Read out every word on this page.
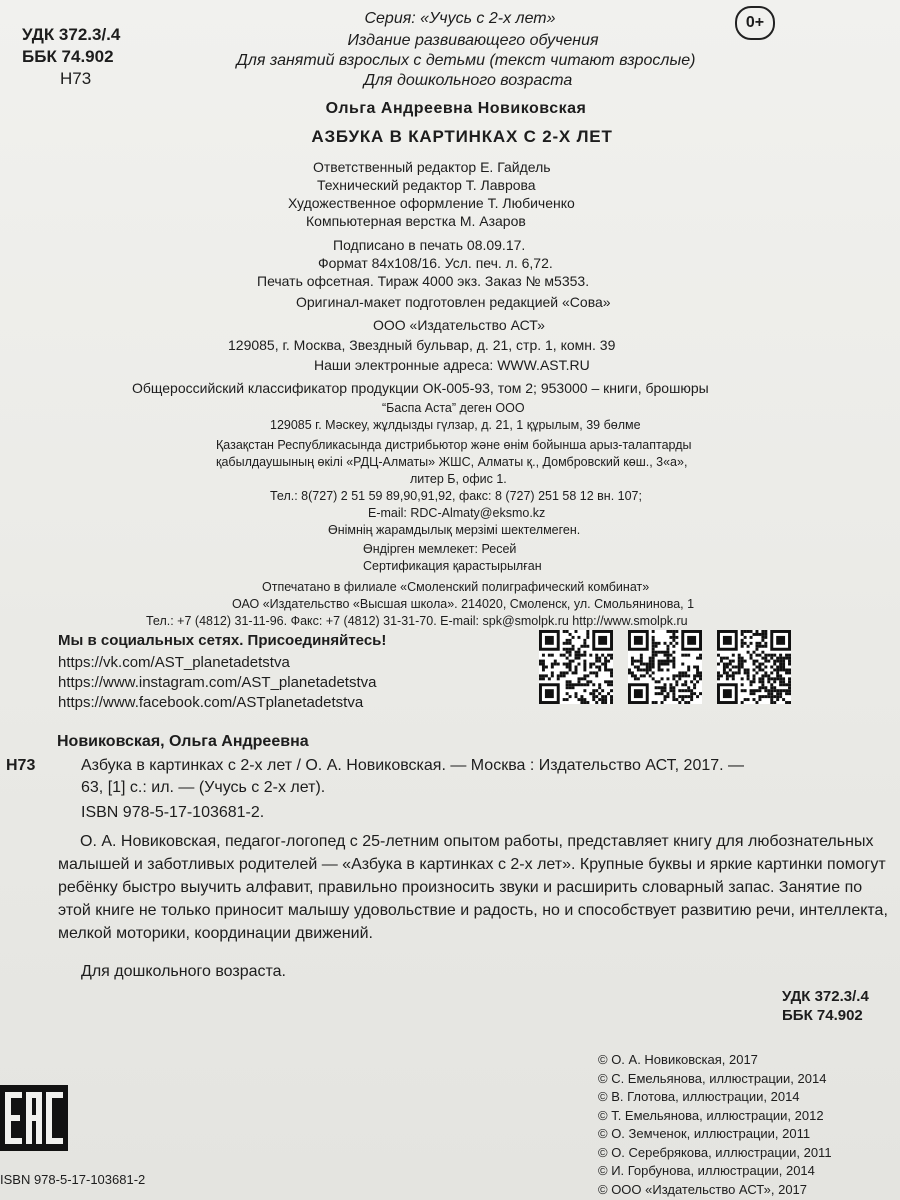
УДК 372.3/.4
ББК 74.902
Н73
Серия: «Учусь с 2-х лет»
Издание развивающего обучения
Для занятий взрослых с детьми (текст читают взрослые)
Для дошкольного возраста
0+
Ольга Андреевна Новиковская
АЗБУКА В КАРТИНКАХ С 2-Х ЛЕТ
Ответственный редактор Е. Гайдель
Технический редактор Т. Лаврова
Художественное оформление Т. Любиченко
Компьютерная верстка М. Азаров
Подписано в печать 08.09.17.
Формат 84x108/16. Усл. печ. л. 6,72.
Печать офсетная. Тираж 4000 экз. Заказ № м5353.
Оригинал-макет подготовлен редакцией «Сова»
ООО «Издательство АСТ»
129085, г. Москва, Звездный бульвар, д. 21, стр. 1, комн. 39
Наши электронные адреса: WWW.AST.RU
Общероссийский классификатор продукции ОК-005-93, том 2; 953000 – книги, брошюры
“Баспа Аста” деген ООО
129085 г. Мәскеу, жұлдызды гүлзар, д. 21, 1 құрылым, 39 бөлме
Қазақстан Республикасында дистрибьютор және өнім бойынша арыз-талаптарды
қабылдаушының өкілі «РДЦ-Алматы» ЖШС, Алматы қ., Домбровский көш., 3«а»,
литер Б, офис 1.
Тел.: 8(727) 2 51 59 89,90,91,92, факс: 8 (727) 251 58 12 вн. 107;
E-mail: RDC-Almaty@eksmo.kz
Өнімнің жарамдылық мерзімі шектелмеген.
Өндірген мемлекет: Ресей
Сертификация қарастырылған
Отпечатано в филиале «Смоленский полиграфический комбинат»
ОАО «Издательство «Высшая школа». 214020, Смоленск, ул. Смольянинова, 1
Тел.: +7 (4812) 31-11-96. Факс: +7 (4812) 31-31-70. E-mail: spk@smolpk.ru http://www.smolpk.ru
Мы в социальных сетях. Присоединяйтесь!
https://vk.com/AST_planetadetstva
https://www.instagram.com/AST_planetadetstva
https://www.facebook.com/ASTplanetadetstva
Новиковская, Ольга Андреевна
Н73	Азбука в картинках с 2-х лет / О. А. Новиковская. — Москва : Издательство АСТ, 2017. —
63, [1] с.: ил. — (Учусь с 2-х лет).
ISBN 978-5-17-103681-2.

О. А. Новиковская, педагог-логопед с 25-летним опытом работы, представляет книгу для любознательных малышей и заботливых родителей — «Азбука в картинках с 2-х лет». Крупные буквы и яркие картинки помогут ребёнку быстро выучить алфавит, правильно произносить звуки и расширить словарный запас. Занятие по этой книге не только приносит малышу удовольствие и радость, но и способствует развитию речи, интеллекта, мелкой моторики, координации движений.

Для дошкольного возраста.
УДК 372.3/.4
ББК 74.902
© О. А. Новиковская, 2017
© С. Емельянова, иллюстрации, 2014
© В. Глотова, иллюстрации, 2014
© Т. Емельянова, иллюстрации, 2012
© О. Земченок, иллюстрации, 2011
© О. Серебрякова, иллюстрации, 2011
© И. Горбунова, иллюстрации, 2014
© ООО «Издательство АСТ», 2017
ISBN 978-5-17-103681-2
